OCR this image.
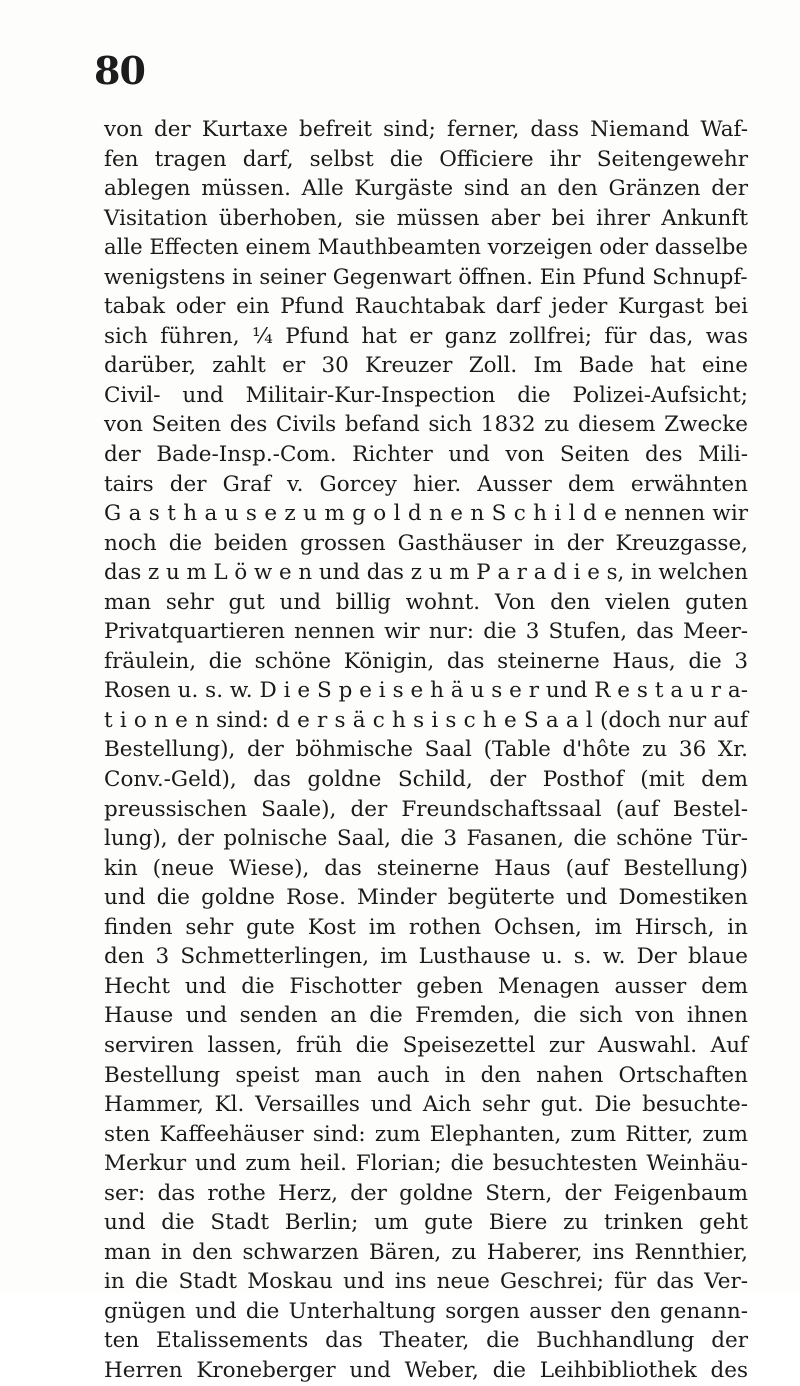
80
von der Kurtaxe befreit sind; ferner, dass Niemand Waf-
fen tragen darf, selbst die Officiere ihr Seitengewehr
ablegen müssen. Alle Kurgäste sind an den Gränzen der
Visitation überhoben, sie müssen aber bei ihrer Ankunft
alle Effecten einem Mauthbeamten vorzeigen oder dasselbe
wenigstens in seiner Gegenwart öffnen. Ein Pfund Schnupf-
tabak oder ein Pfund Rauchtabak darf jeder Kurgast bei
sich führen, ¼ Pfund hat er ganz zollfrei; für das, was
darüber, zahlt er 30 Kreuzer Zoll. Im Bade hat eine
Civil- und Militair-Kur-Inspection die Polizei-Aufsicht;
von Seiten des Civils befand sich 1832 zu diesem Zwecke
der Bade-Insp.-Com. Richter und von Seiten des Mili-
tairs der Graf v. Gorcey hier. Ausser dem erwähnten
G a s t h a u s e z u m g o l d n e n S c h i l d e nennen wir
noch die beiden grossen Gasthäuser in der Kreuzgasse,
das z u m L ö w e n und das z u m P a r a d i e s, in welchen
man sehr gut und billig wohnt. Von den vielen guten
Privatquartieren nennen wir nur: die 3 Stufen, das Meer-
fräulein, die schöne Königin, das steinerne Haus, die 3
Rosen u. s. w. D i e S p e i s e h ä u s e r und R e s t a u r a-
t i o n e n sind: d e r s ä c h s i s c h e S a a l (doch nur auf
Bestellung), der böhmische Saal (Table d'hôte zu 36 Xr.
Conv.-Geld), das goldne Schild, der Posthof (mit dem
preussischen Saale), der Freundschaftssaal (auf Bestel-
lung), der polnische Saal, die 3 Fasanen, die schöne Tür-
kin (neue Wiese), das steinerne Haus (auf Bestellung)
und die goldne Rose. Minder begüterte und Domestiken
finden sehr gute Kost im rothen Ochsen, im Hirsch, in
den 3 Schmetterlingen, im Lusthause u. s. w. Der blaue
Hecht und die Fischotter geben Menagen ausser dem
Hause und senden an die Fremden, die sich von ihnen
serviren lassen, früh die Speisezettel zur Auswahl. Auf
Bestellung speist man auch in den nahen Ortschaften
Hammer, Kl. Versailles und Aich sehr gut. Die besuchte-
sten Kaffeehäuser sind: zum Elephanten, zum Ritter, zum
Merkur und zum heil. Florian; die besuchtesten Weinhäu-
ser: das rothe Herz, der goldne Stern, der Feigenbaum
und die Stadt Berlin; um gute Biere zu trinken geht
man in den schwarzen Bären, zu Haberer, ins Rennthier,
in die Stadt Moskau und ins neue Geschrei; für das Ver-
gnügen und die Unterhaltung sorgen ausser den genann-
ten Etalissements das Theater, die Buchhandlung der
Herren Kroneberger und Weber, die Leihbibliothek des
